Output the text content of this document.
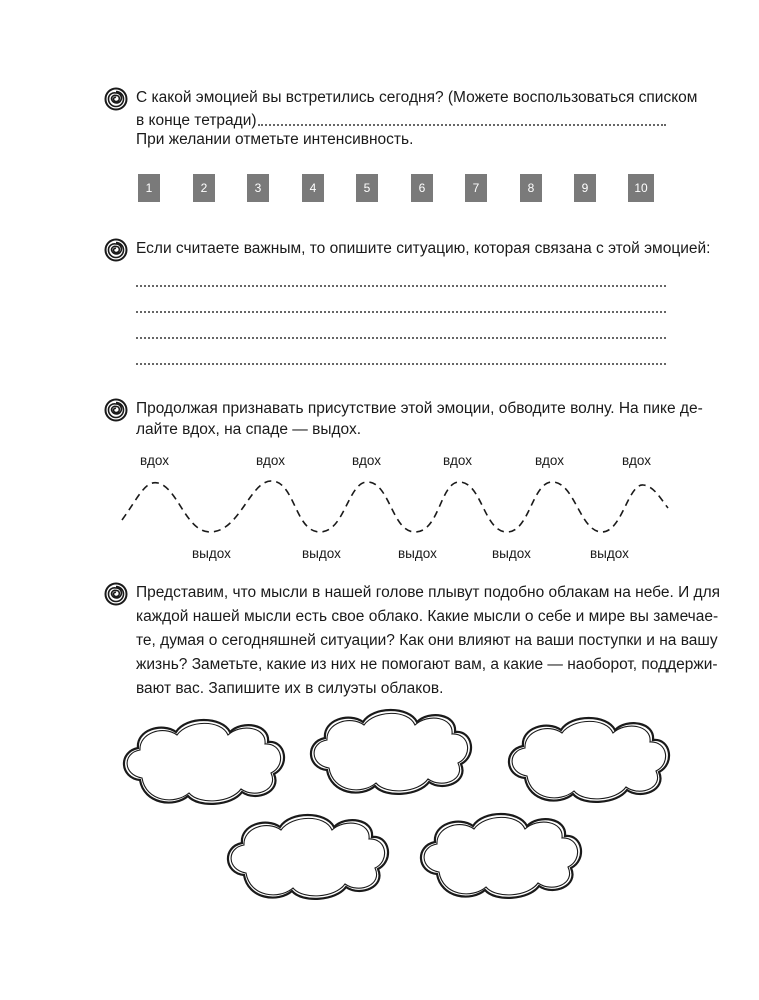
С какой эмоцией вы встретились сегодня? (Можете воспользоваться списком
в конце тетради)
При желании отметьте интенсивность.
1	2	3	4	5	6	7	8	9	10
Если считаете важным, то опишите ситуацию, которая связана с этой эмоцией:
Продолжая признавать присутствие этой эмоции, обводите волну. На пике де-
лайте вдох, на спаде — выдох.
вдох	вдох	вдох	вдох	вдох	вдох
выдох	выдох	выдох	выдох	выдох
Представим, что мысли в нашей голове плывут подобно облакам на небе. И для
каждой нашей мысли есть свое облако. Какие мысли о себе и мире вы замечае-
те, думая о сегодняшней ситуации? Как они влияют на ваши поступки и на вашу
жизнь? Заметьте, какие из них не помогают вам, а какие — наоборот, поддержи-
вают вас. Запишите их в силуэты облаков.
